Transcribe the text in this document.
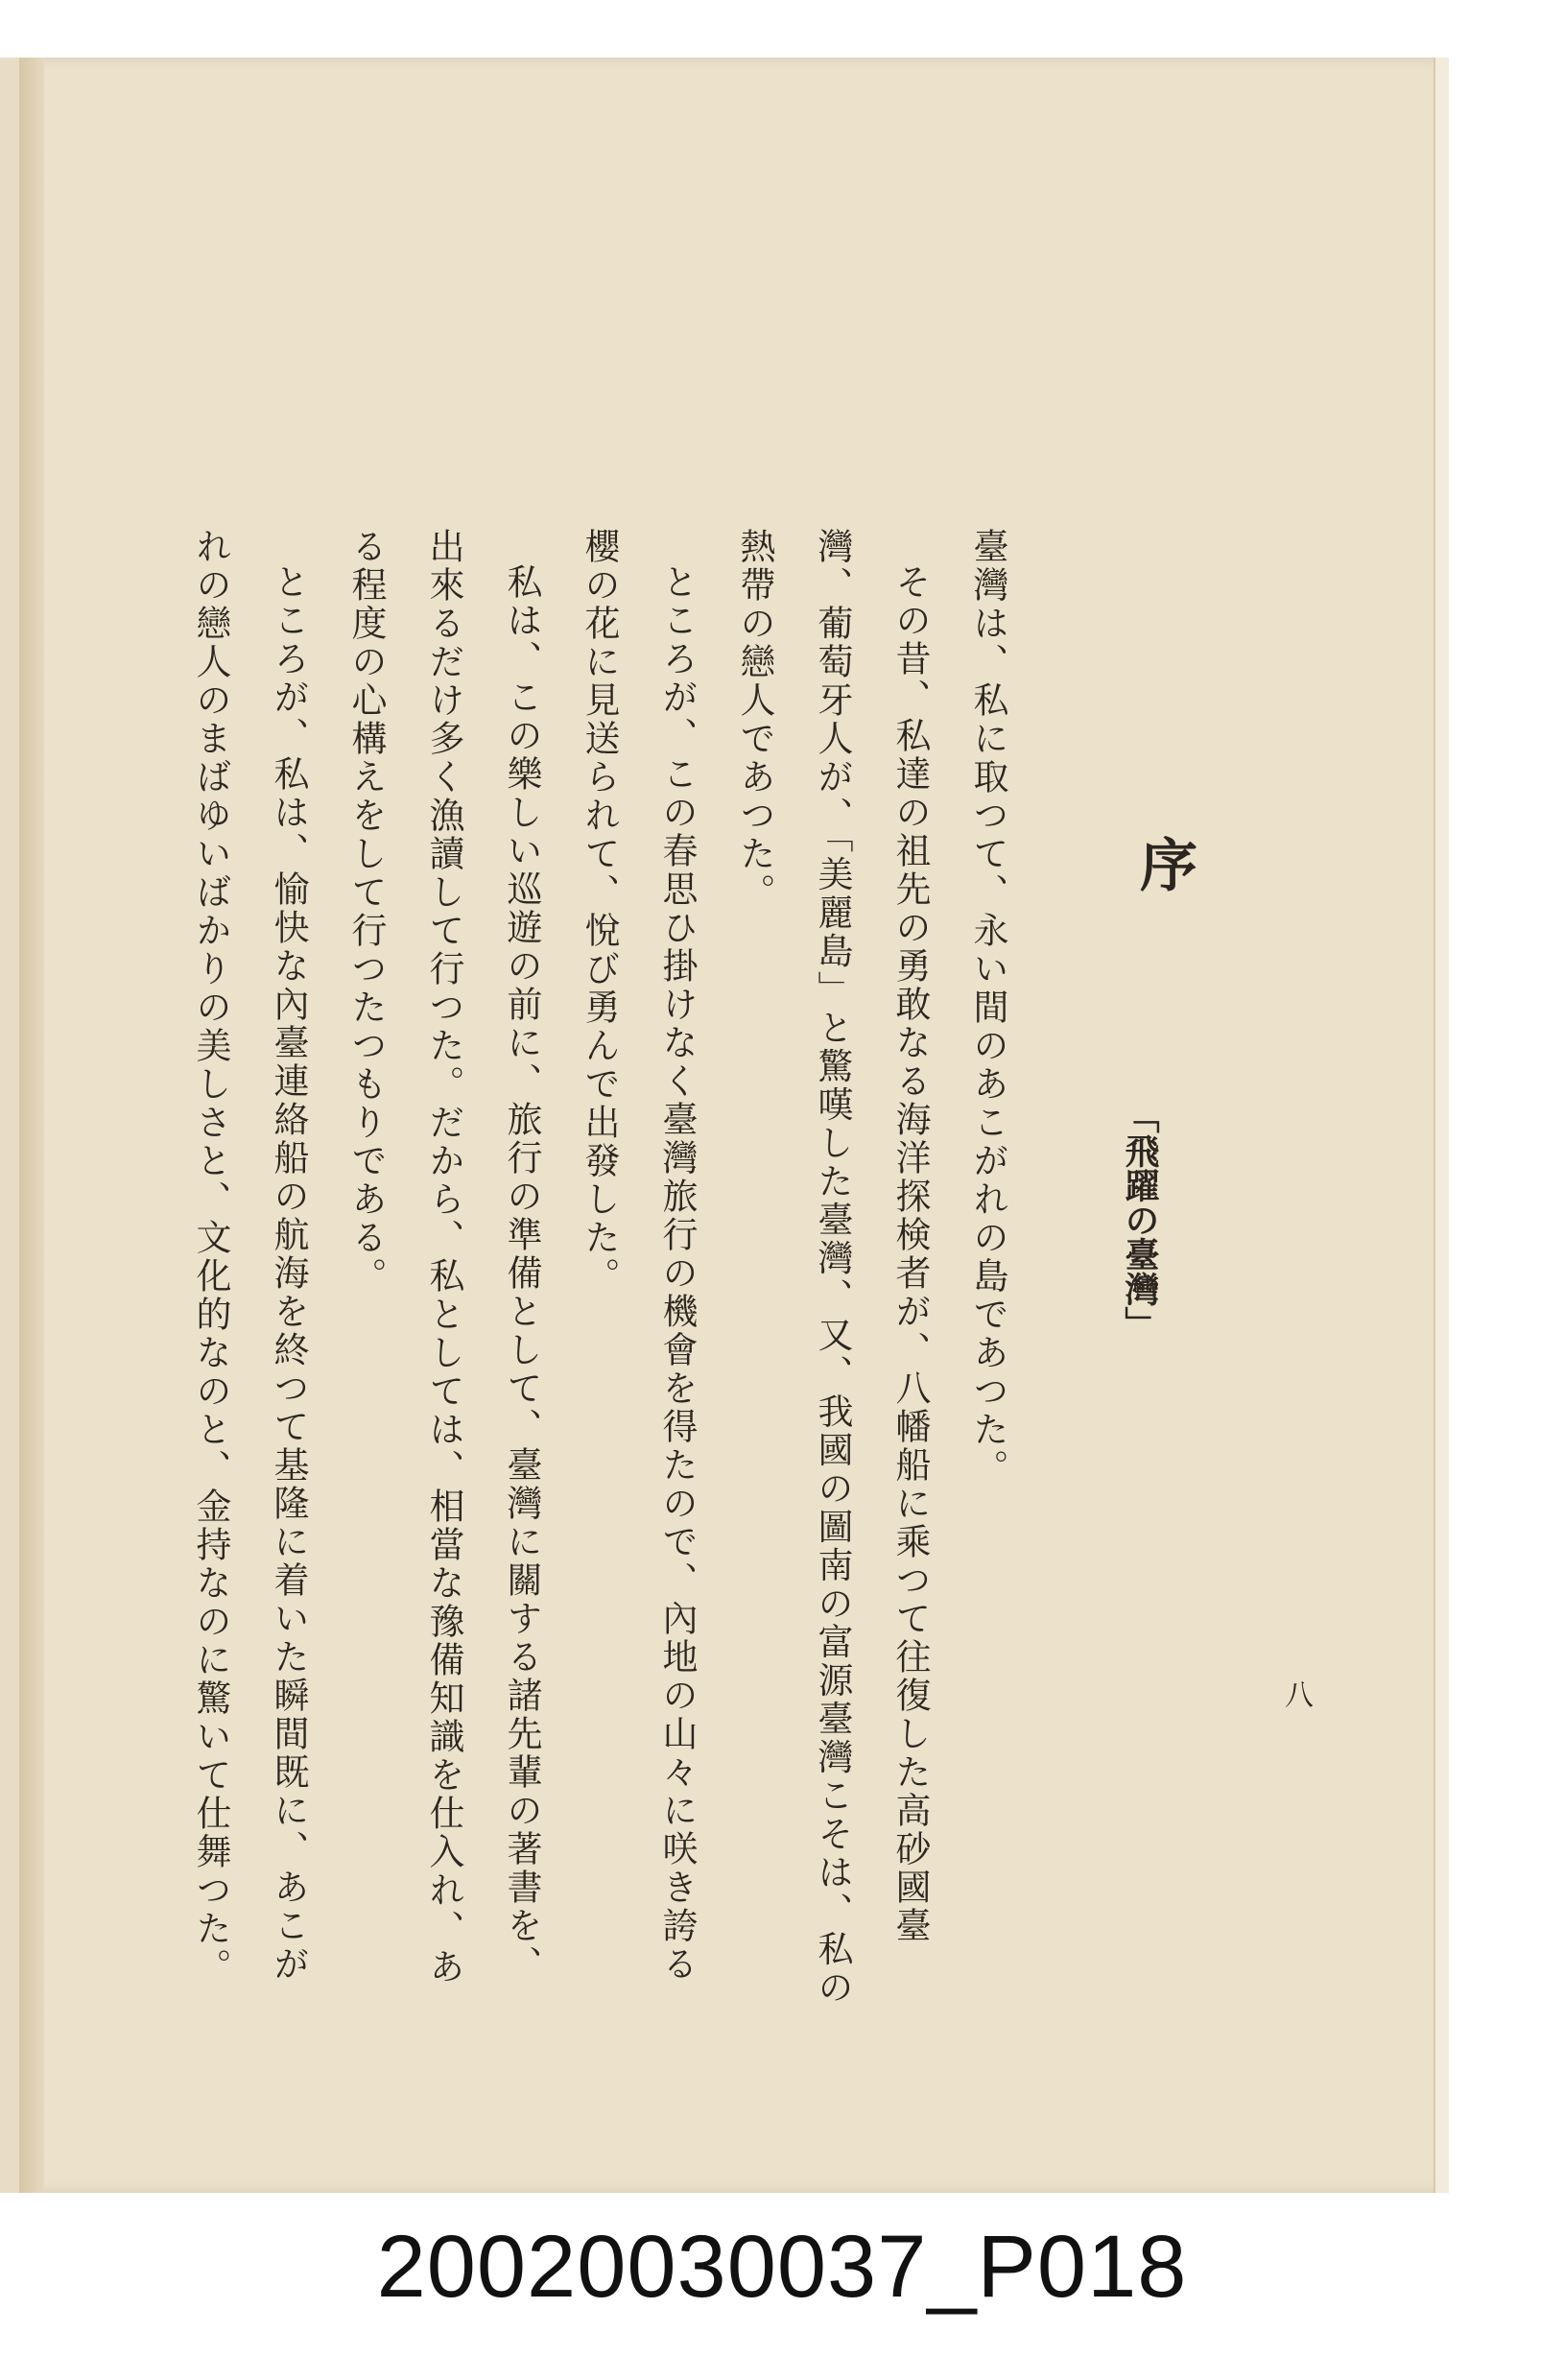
序
「飛躍の臺灣」
八

臺灣は、私に取つて、永い間のあこがれの島であつた。

その昔、私達の祖先の勇敢なる海洋探検者が、八幡船に乘つて往復した高砂國臺灣、葡萄牙人が、「美麗島」と驚嘆した臺灣、又、我國の圖南の富源臺灣こそは、私の熱帶の戀人であつた。

ところが、この春思ひ掛けなく臺灣旅行の機會を得たので、內地の山々に咲き誇る櫻の花に見送られて、悅び勇んで出發した。

私は、この樂しい巡遊の前に、旅行の準備として、臺灣に關する諸先輩の著書を、出來るだけ多く漁讀して行つた。だから、私としては、相當な豫備知識を仕入れ、ある程度の心構えをして行つたつもりである。

ところが、私は、愉快な內臺連絡船の航海を終つて基隆に着いた瞬間既に、あこがれの戀人のまばゆいばかりの美しさと、文化的なのと、金持なのに驚いて仕舞つた。

20020030037_P018
